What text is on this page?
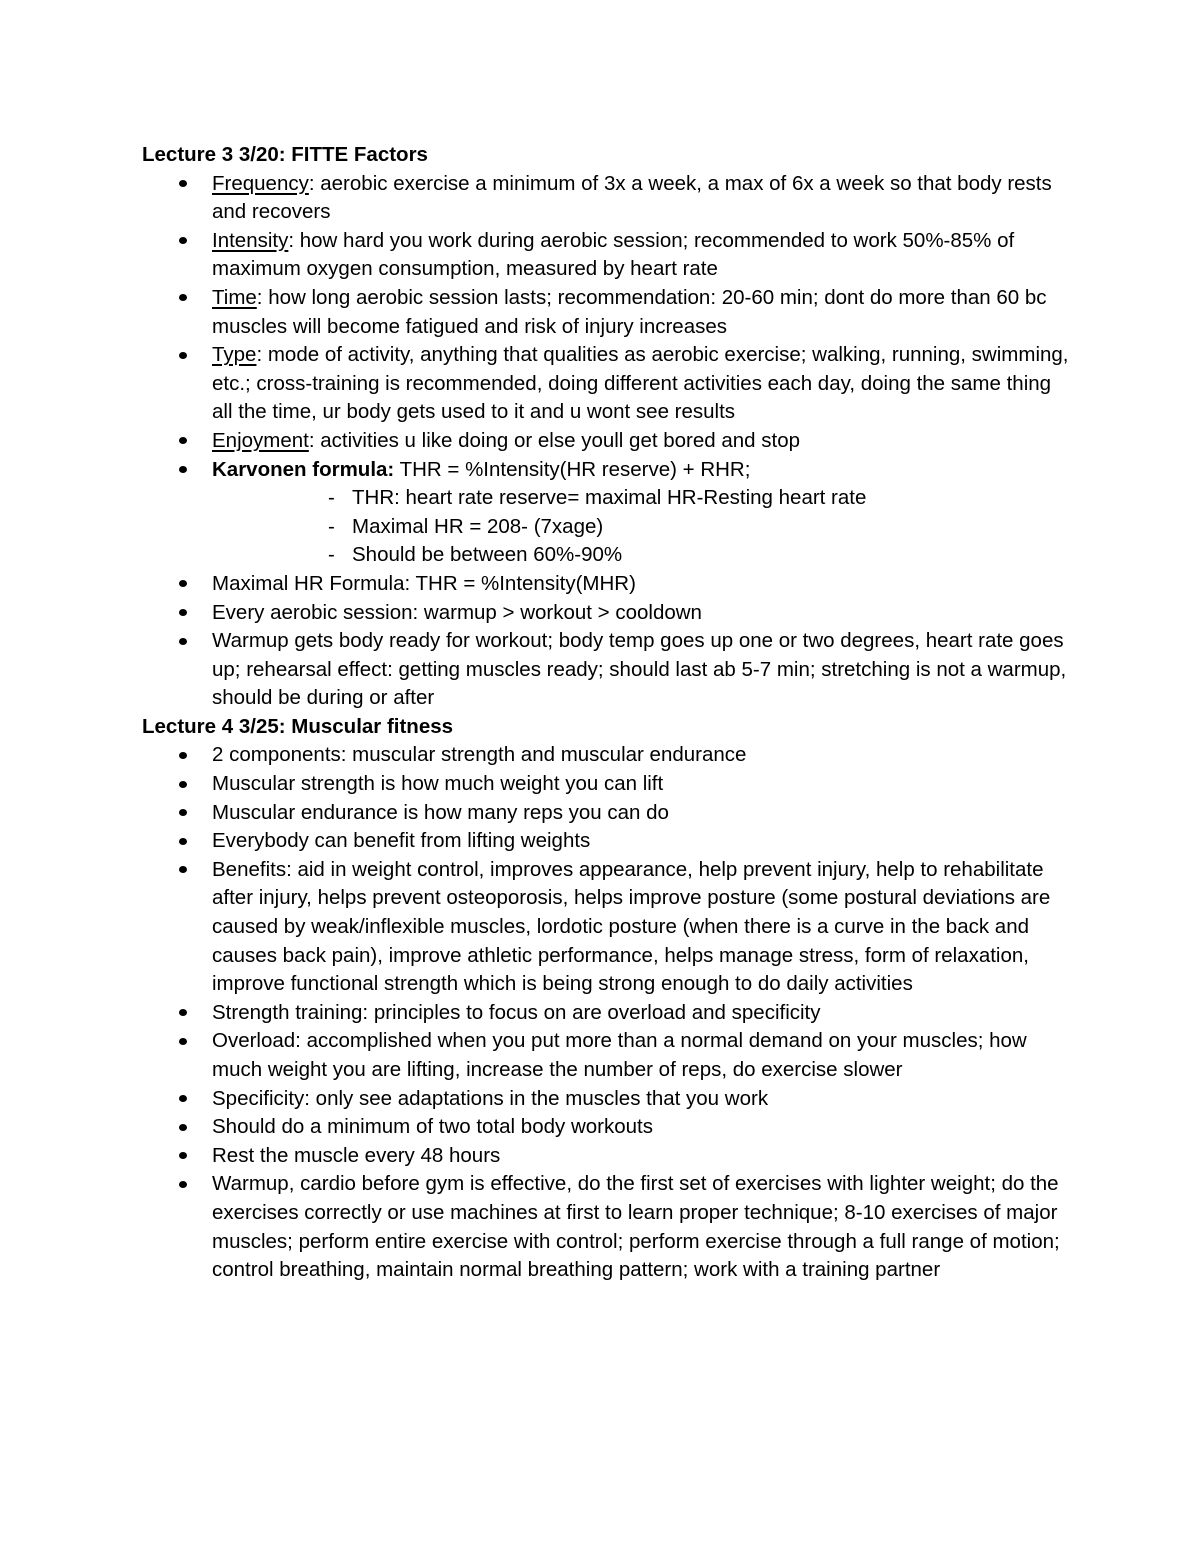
Lecture 3 3/20: FITTE Factors
Frequency: aerobic exercise a minimum of 3x a week, a max of 6x a week so that body rests and recovers
Intensity: how hard you work during aerobic session; recommended to work 50%-85% of maximum oxygen consumption, measured by heart rate
Time: how long aerobic session lasts; recommendation: 20-60 min; dont do more than 60 bc muscles will become fatigued and risk of injury increases
Type: mode of activity, anything that qualities as aerobic exercise; walking, running, swimming, etc.; cross-training is recommended, doing different activities each day, doing the same thing all the time, ur body gets used to it and u wont see results
Enjoyment: activities u like doing or else youll get bored and stop
Karvonen formula: THR = %Intensity(HR reserve) + RHR;
- THR: heart rate reserve= maximal HR-Resting heart rate
- Maximal HR = 208- (7xage)
- Should be between 60%-90%
Maximal HR Formula: THR = %Intensity(MHR)
Every aerobic session: warmup > workout > cooldown
Warmup gets body ready for workout; body temp goes up one or two degrees, heart rate goes up; rehearsal effect: getting muscles ready; should last ab 5-7 min; stretching is not a warmup, should be during or after
Lecture 4 3/25: Muscular fitness
2 components: muscular strength and muscular endurance
Muscular strength is how much weight you can lift
Muscular endurance is how many reps you can do
Everybody can benefit from lifting weights
Benefits: aid in weight control, improves appearance, help prevent injury, help to rehabilitate after injury, helps prevent osteoporosis, helps improve posture (some postural deviations are caused by weak/inflexible muscles, lordotic posture (when there is a curve in the back and causes back pain), improve athletic performance, helps manage stress, form of relaxation, improve functional strength which is being strong enough to do daily activities
Strength training: principles to focus on are overload and specificity
Overload: accomplished when you put more than a normal demand on your muscles; how much weight you are lifting, increase the number of reps, do exercise slower
Specificity: only see adaptations in the muscles that you work
Should do a minimum of two total body workouts
Rest the muscle every 48 hours
Warmup, cardio before gym is effective, do the first set of exercises with lighter weight; do the exercises correctly or use machines at first to learn proper technique; 8-10 exercises of major muscles; perform entire exercise with control; perform exercise through a full range of motion; control breathing, maintain normal breathing pattern; work with a training partner
